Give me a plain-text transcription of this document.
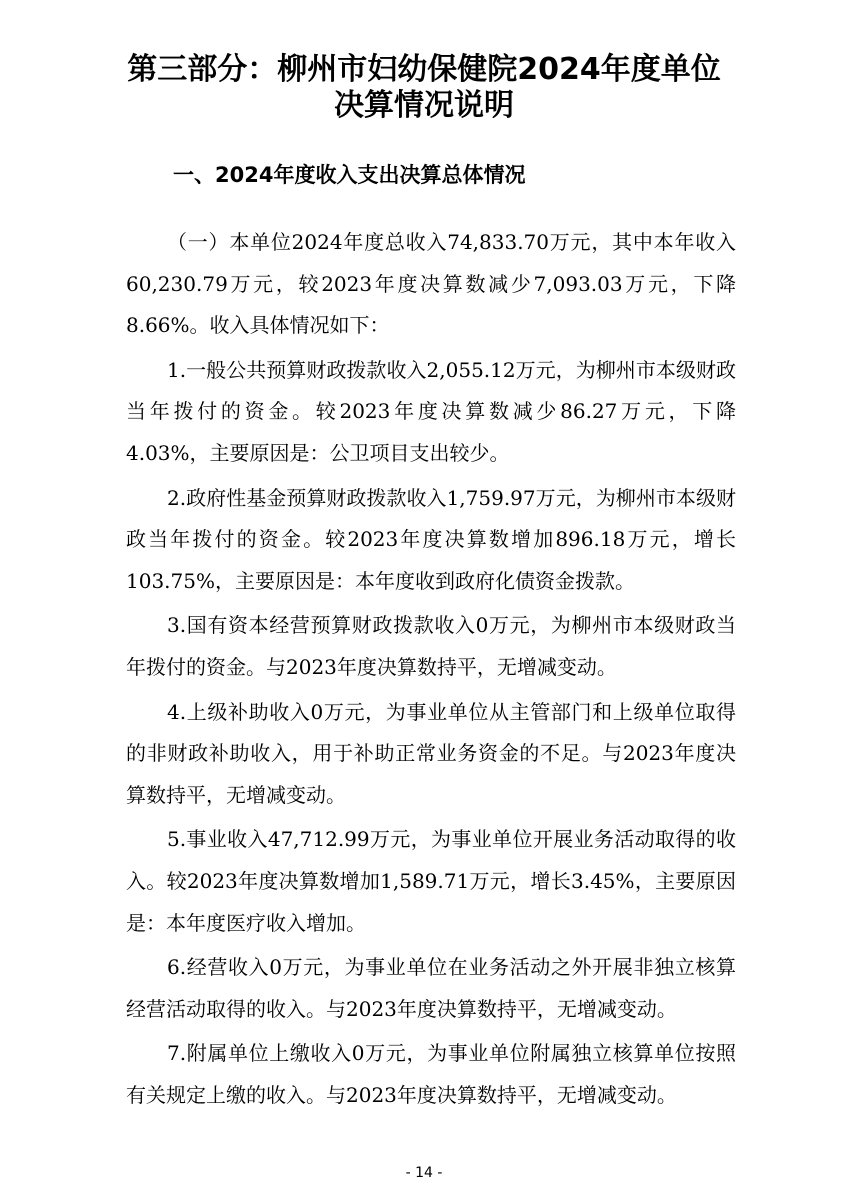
第三部分：柳州市妇幼保健院2024年度单位
决算情况说明
一、2024年度收入支出决算总体情况

（一）本单位2024年度总收入74,833.70万元，其中本年收入60,230.79万元，较2023年度决算数减少7,093.03万元，下降8.66%。收入具体情况如下：

1.一般公共预算财政拨款收入2,055.12万元，为柳州市本级财政当年拨付的资金。较2023年度决算数减少86.27万元，下降4.03%，主要原因是：公卫项目支出较少。

2.政府性基金预算财政拨款收入1,759.97万元，为柳州市本级财政当年拨付的资金。较2023年度决算数增加896.18万元，增长103.75%，主要原因是：本年度收到政府化债资金拨款。

3.国有资本经营预算财政拨款收入0万元，为柳州市本级财政当年拨付的资金。与2023年度决算数持平，无增减变动。

4.上级补助收入0万元，为事业单位从主管部门和上级单位取得的非财政补助收入，用于补助正常业务资金的不足。与2023年度决算数持平，无增减变动。

5.事业收入47,712.99万元，为事业单位开展业务活动取得的收入。较2023年度决算数增加1,589.71万元，增长3.45%，主要原因是：本年度医疗收入增加。

6.经营收入0万元，为事业单位在业务活动之外开展非独立核算经营活动取得的收入。与2023年度决算数持平，无增减变动。

7.附属单位上缴收入0万元，为事业单位附属独立核算单位按照有关规定上缴的收入。与2023年度决算数持平，无增减变动。

- 14 -
